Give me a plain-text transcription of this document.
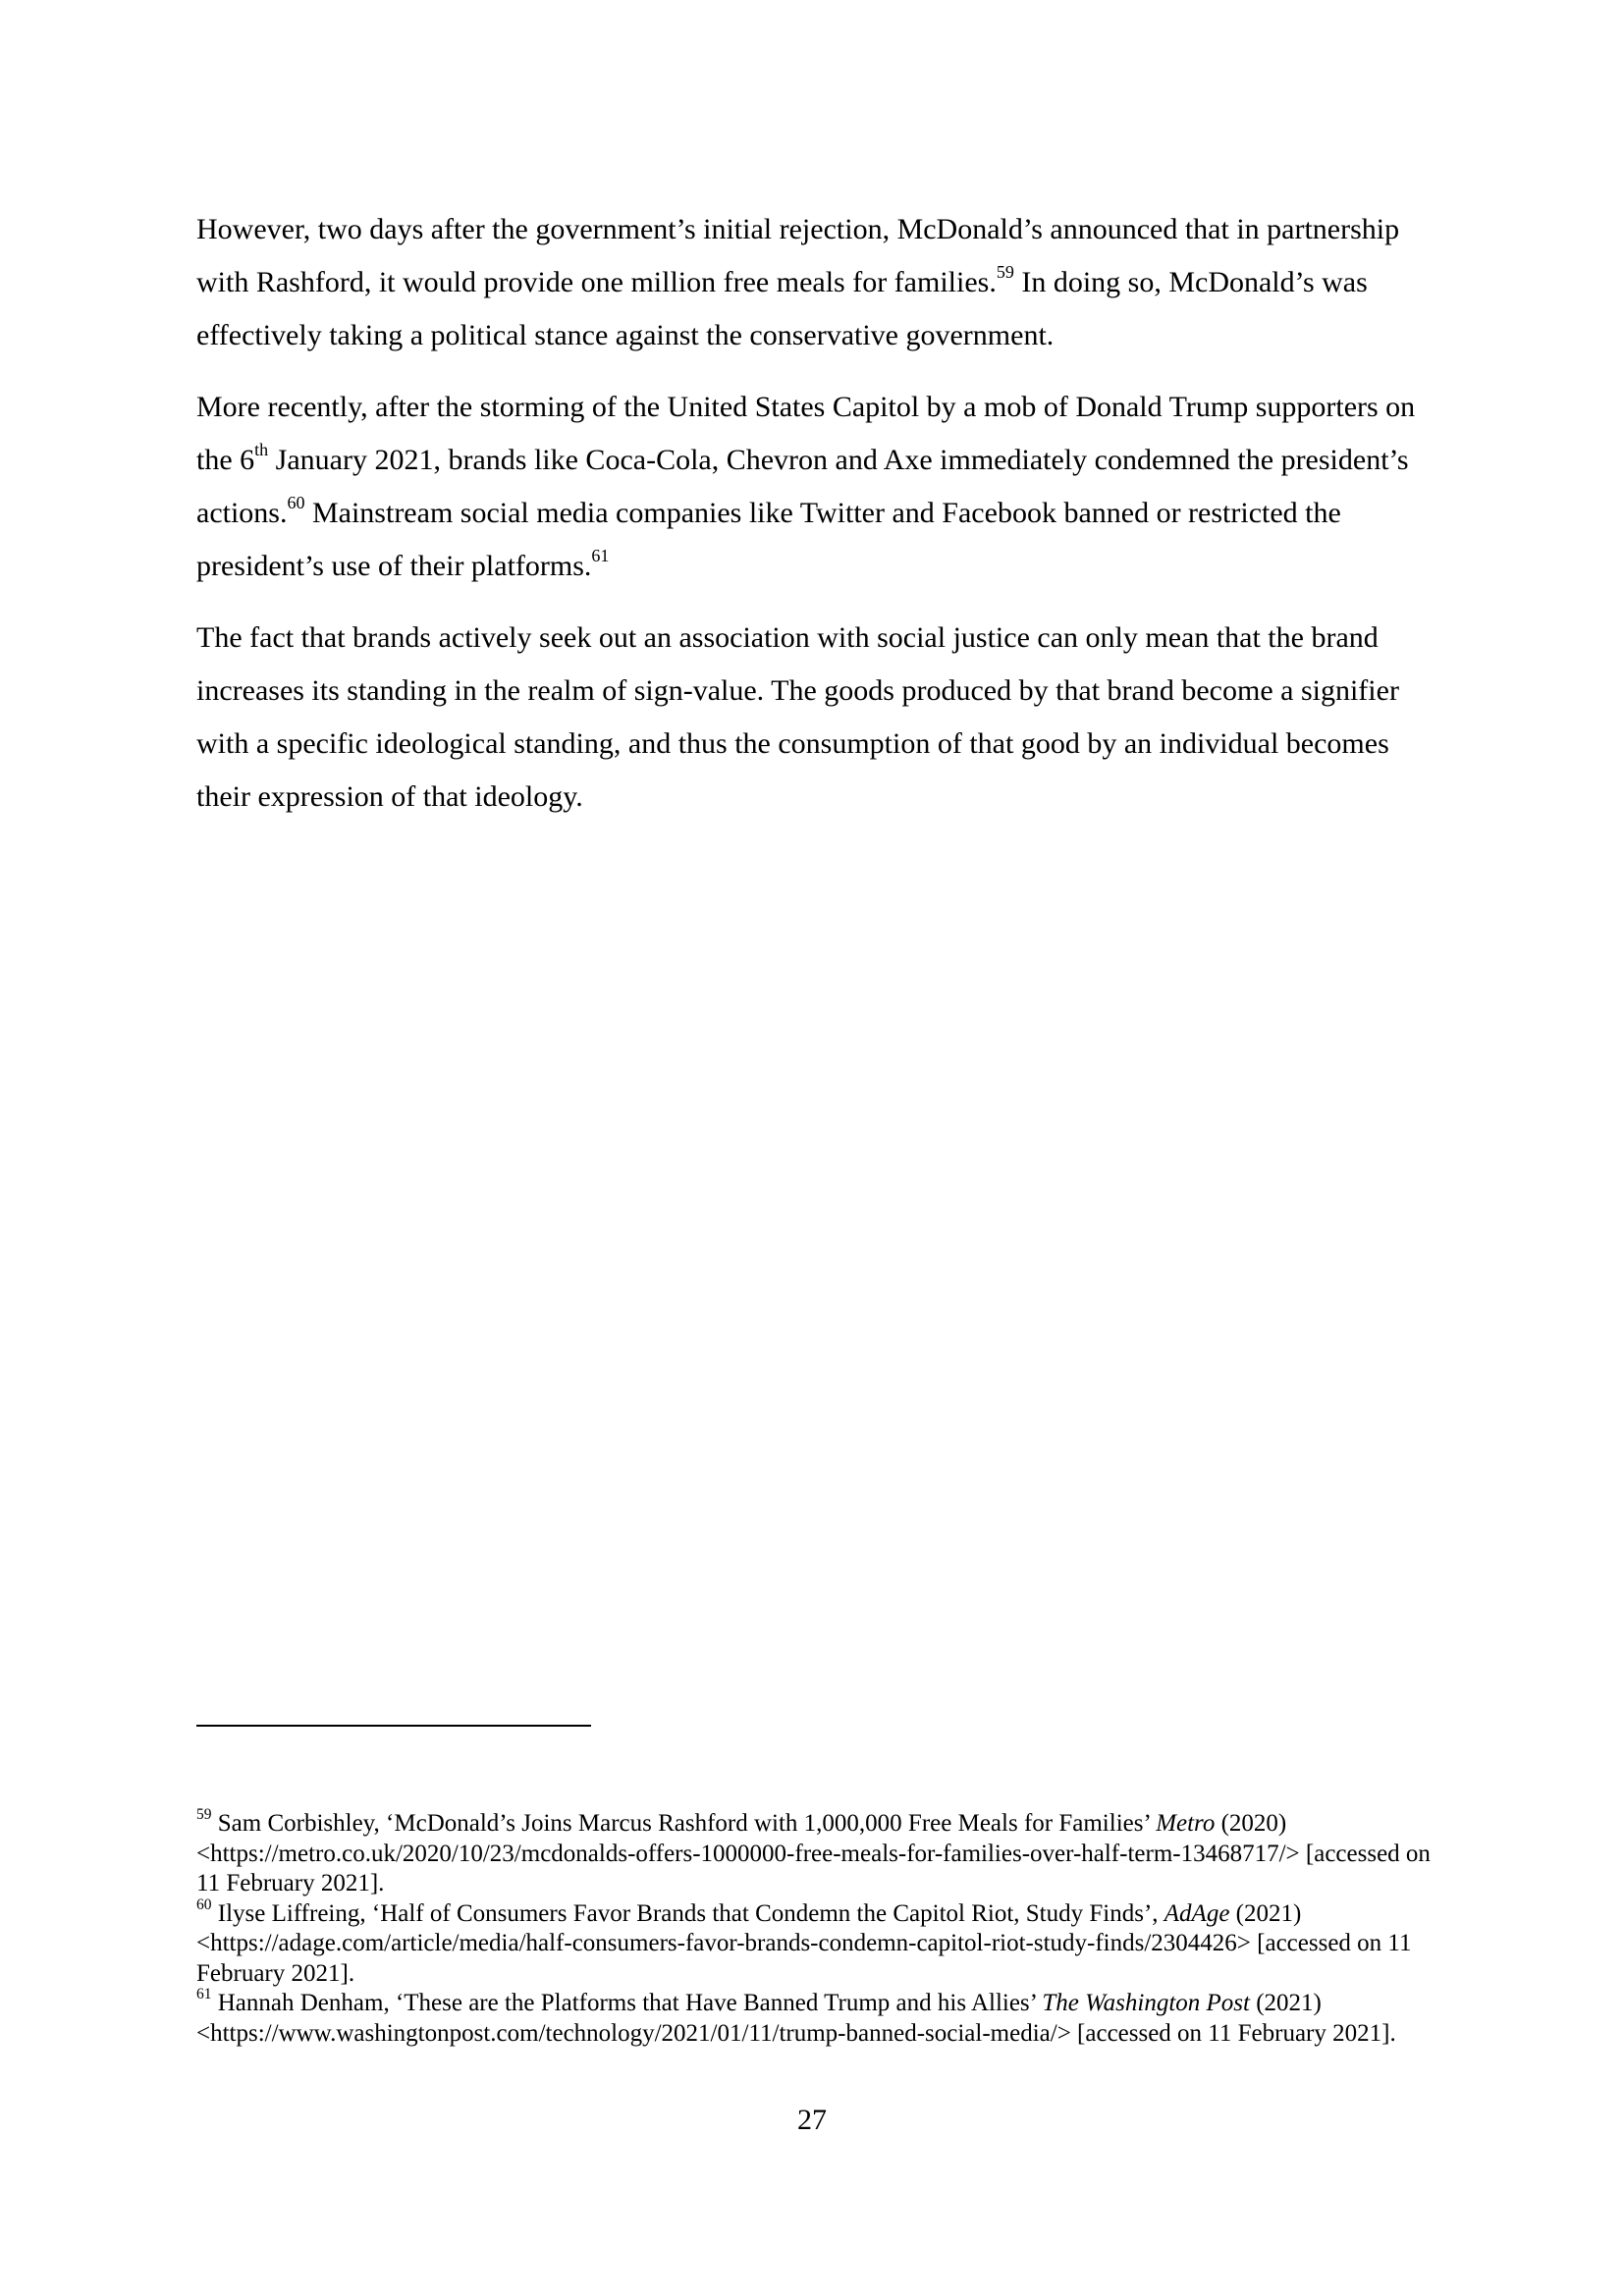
However, two days after the government’s initial rejection, McDonald’s announced that in partnership with Rashford, it would provide one million free meals for families.$^{59}$ In doing so, McDonald’s was effectively taking a political stance against the conservative government.

More recently, after the storming of the United States Capitol by a mob of Donald Trump supporters on the 6th January 2021, brands like Coca-Cola, Chevron and Axe immediately condemned the president’s actions.$^{60}$ Mainstream social media companies like Twitter and Facebook banned or restricted the president’s use of their platforms.$^{61}$

The fact that brands actively seek out an association with social justice can only mean that the brand increases its standing in the realm of sign-value. The goods produced by that brand become a signifier with a specific ideological standing, and thus the consumption of that good by an individual becomes their expression of that ideology.

$^{59}$ Sam Corbishley, ‘McDonald’s Joins Marcus Rashford with 1,000,000 Free Meals for Families’ Metro (2020) <https://metro.co.uk/2020/10/23/mcdonalds-offers-1000000-free-meals-for-families-over-half-term-13468717/> [accessed on 11 February 2021].

$^{60}$ Ilyse Liffreing, ‘Half of Consumers Favor Brands that Condemn the Capitol Riot, Study Finds’, AdAge (2021) <https://adage.com/article/media/half-consumers-favor-brands-condemn-capitol-riot-study-finds/2304426> [accessed on 11 February 2021].

$^{61}$ Hannah Denham, ‘These are the Platforms that Have Banned Trump and his Allies’ The Washington Post (2021) <https://www.washingtonpost.com/technology/2021/01/11/trump-banned-social-media/> [accessed on 11 February 2021].

27
